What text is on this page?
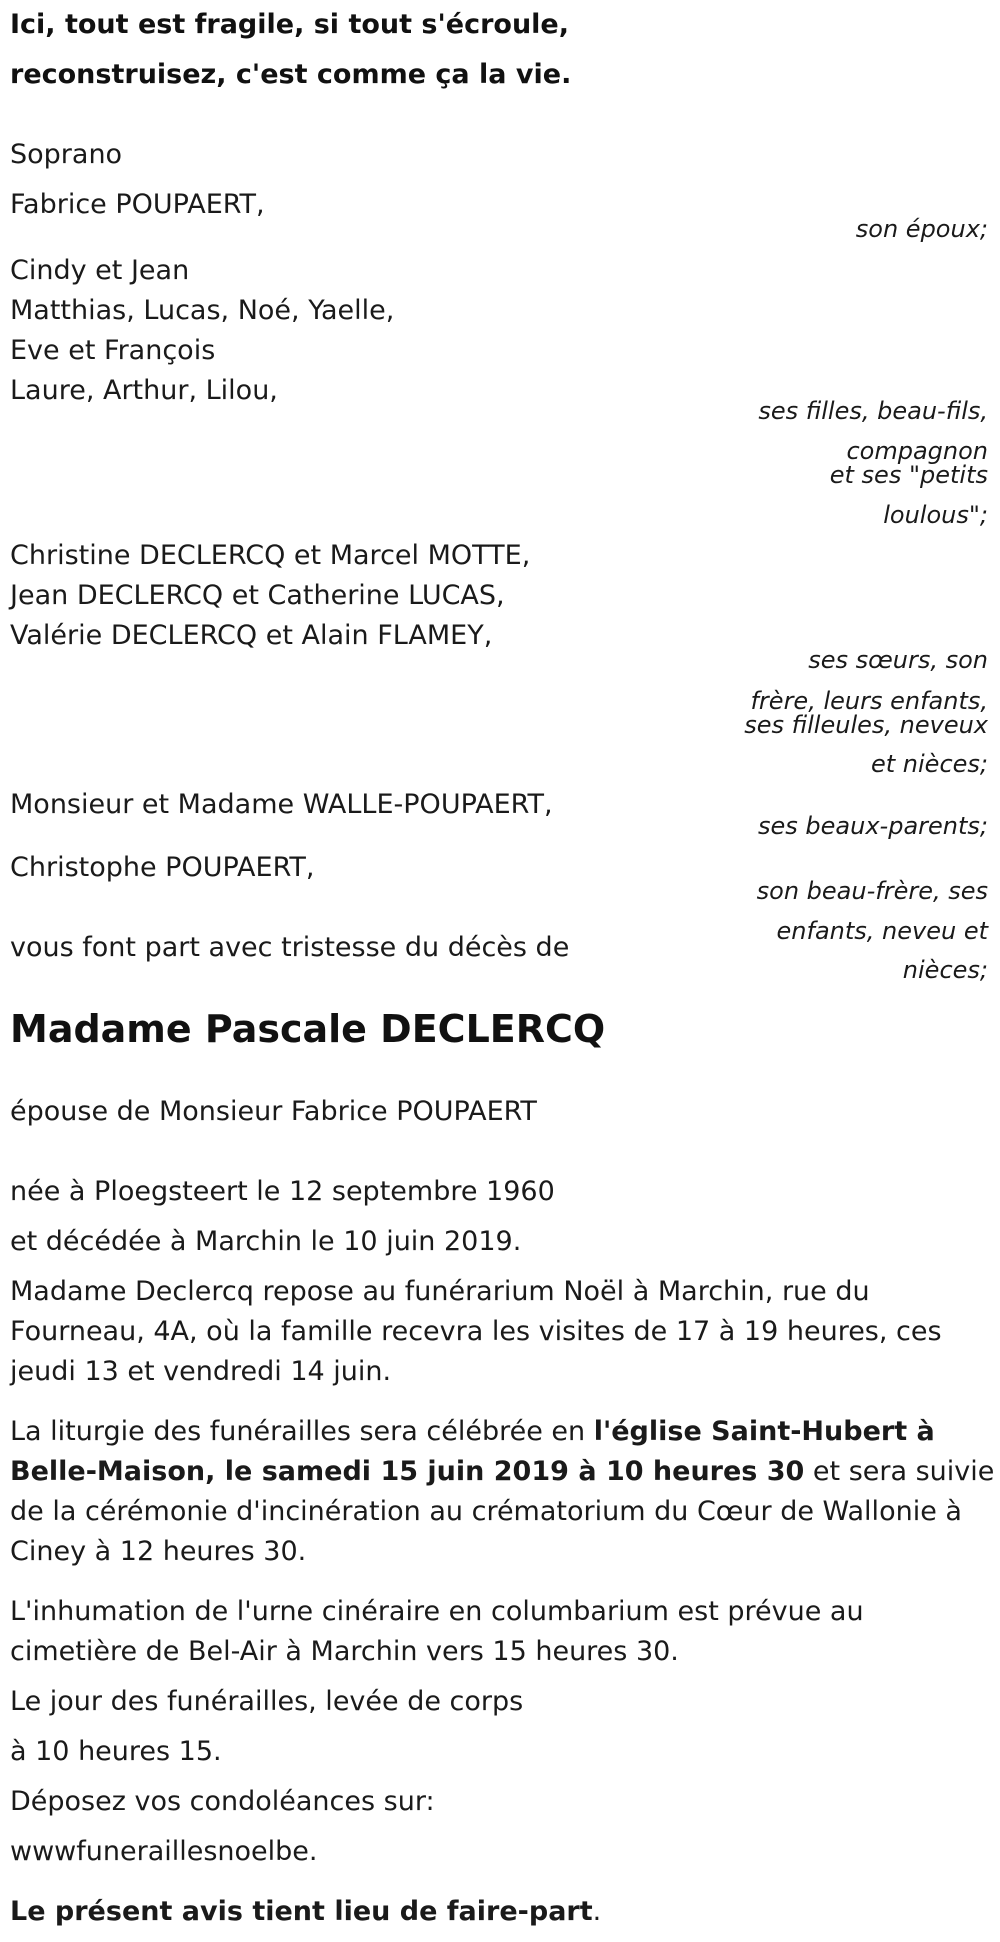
Ici, tout est fragile, si tout s'écroule,
reconstruisez, c'est comme ça la vie.
Soprano
Fabrice POUPAERT,
son époux;
Cindy et Jean
Matthias, Lucas, Noé, Yaelle,
Eve et François
Laure, Arthur, Lilou,
ses filles, beau-fils,
compagnon
et ses "petits
loulous";
Christine DECLERCQ et Marcel MOTTE,
Jean DECLERCQ et Catherine LUCAS,
Valérie DECLERCQ et Alain FLAMEY,
ses sœurs, son
frère, leurs enfants,
ses filleules, neveux
et nièces;
Monsieur et Madame WALLE-POUPAERT,
ses beaux-parents;
Christophe POUPAERT,
son beau-frère, ses
enfants, neveu et
nièces;
vous font part avec tristesse du décès de
Madame Pascale DECLERCQ
épouse de Monsieur Fabrice POUPAERT
née à Ploegsteert le 12 septembre 1960
et décédée à Marchin le 10 juin 2019.
Madame Declercq repose au funérarium Noël à Marchin, rue du Fourneau, 4A, où la famille recevra les visites de 17 à 19 heures, ces jeudi 13 et vendredi 14 juin.
La liturgie des funérailles sera célébrée en l'église Saint-Hubert à Belle-Maison, le samedi 15 juin 2019 à 10 heures 30 et sera suivie de la cérémonie d'incinération au crématorium du Cœur de Wallonie à Ciney à 12 heures 30.
L'inhumation de l'urne cinéraire en columbarium est prévue au cimetière de Bel-Air à Marchin vers 15 heures 30.
Le jour des funérailles, levée de corps
à 10 heures 15.
Déposez vos condoléances sur:
wwwfuneraillesnoelbe.
Le présent avis tient lieu de faire-part.
